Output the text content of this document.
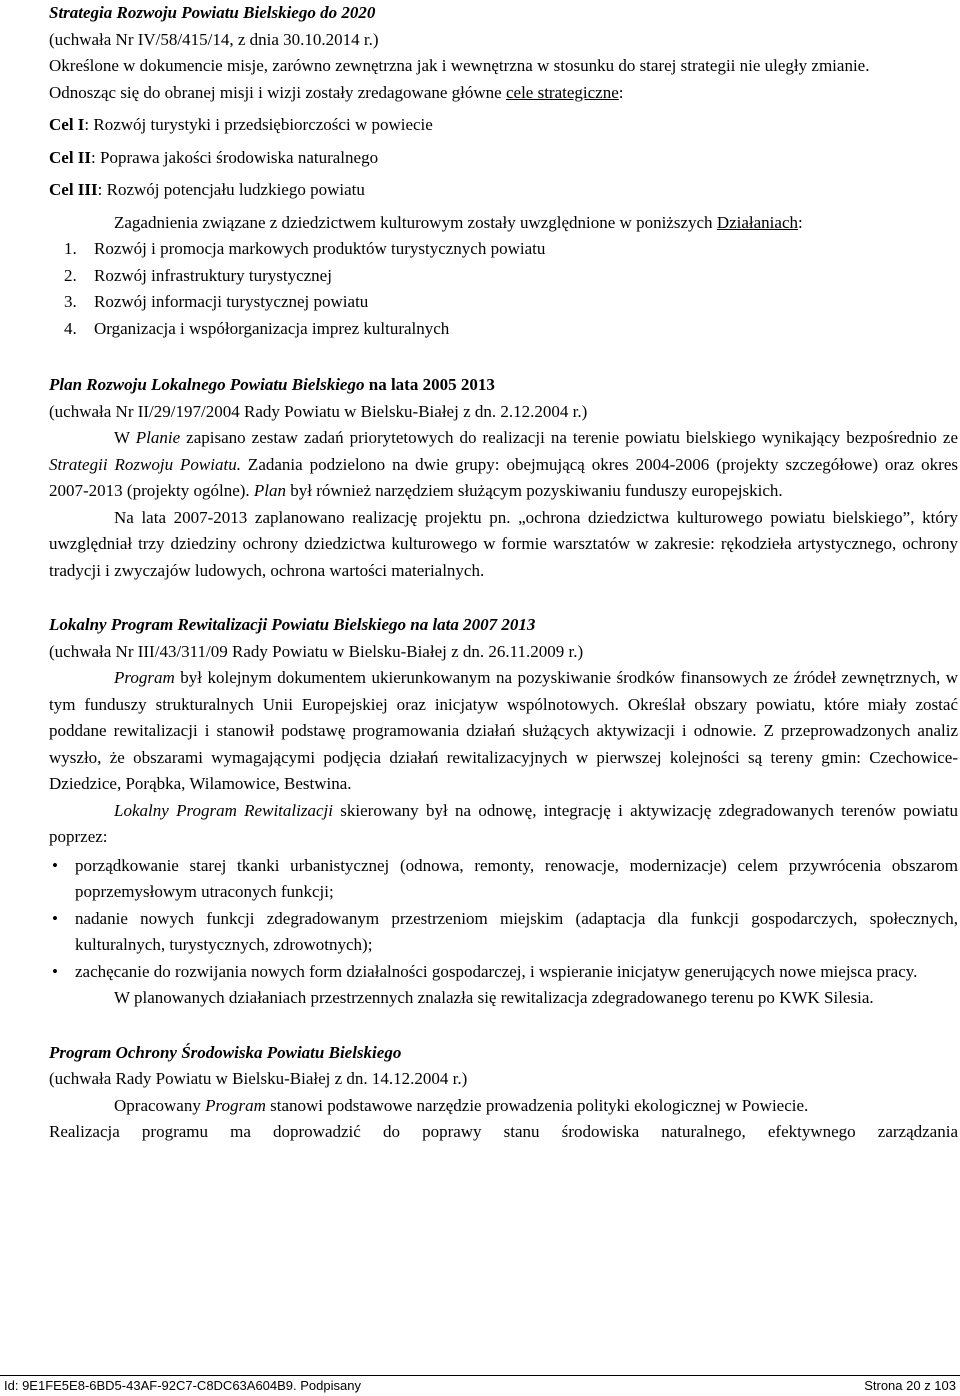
Strategia Rozwoju Powiatu Bielskiego do 2020

(uchwała Nr IV/58/415/14, z dnia 30.10.2014 r.)

Określone w dokumencie misje, zarówno zewnętrzna jak i wewnętrzna w stosunku do starej strategii nie uległy zmianie.

Odnosząc się do obranej misji i wizji zostały zredagowane główne cele strategiczne:

Cel I: Rozwój turystyki i przedsiębiorczości w powiecie

Cel II: Poprawa jakości środowiska naturalnego

Cel III: Rozwój potencjału ludzkiego powiatu

Zagadnienia związane z dziedzictwem kulturowym zostały uwzględnione w poniższych Działaniach:

1.	Rozwój i promocja markowych produktów turystycznych powiatu
2.	Rozwój infrastruktury turystycznej
3.	Rozwój informacji turystycznej powiatu
4.	Organizacja i współorganizacja imprez kulturalnych

Plan Rozwoju Lokalnego Powiatu Bielskiego na lata 2005 2013

(uchwała Nr II/29/197/2004 Rady Powiatu w Bielsku-Białej z dn. 2.12.2004 r.)

W Planie zapisano zestaw zadań priorytetowych do realizacji na terenie powiatu bielskiego wynikający bezpośrednio ze Strategii Rozwoju Powiatu. Zadania podzielono na dwie grupy: obejmującą okres 2004-2006 (projekty szczegółowe) oraz okres 2007-2013 (projekty ogólne). Plan był również narzędziem służącym pozyskiwaniu funduszy europejskich.

Na lata 2007-2013 zaplanowano realizację projektu pn. „ochrona dziedzictwa kulturowego powiatu bielskiego”, który uwzględniał trzy dziedziny ochrony dziedzictwa kulturowego w formie warsztatów w zakresie: rękodzieła artystycznego, ochrony tradycji i zwyczajów ludowych, ochrona wartości materialnych.

Lokalny Program Rewitalizacji Powiatu Bielskiego na lata 2007 2013

(uchwała Nr III/43/311/09 Rady Powiatu w Bielsku-Białej z dn. 26.11.2009 r.)

Program był kolejnym dokumentem ukierunkowanym na pozyskiwanie środków finansowych ze źródeł zewnętrznych, w tym funduszy strukturalnych Unii Europejskiej oraz inicjatyw wspólnotowych. Określał obszary powiatu, które miały zostać poddane rewitalizacji i stanowił podstawę programowania działań służących aktywizacji i odnowie. Z przeprowadzonych analiz wyszło, że obszarami wymagającymi podjęcia działań rewitalizacyjnych w pierwszej kolejności są tereny gmin: Czechowice-Dziedzice, Porąbka, Wilamowice, Bestwina.

Lokalny Program Rewitalizacji skierowany był na odnowę, integrację i aktywizację zdegradowanych terenów powiatu poprzez:

• porządkowanie starej tkanki urbanistycznej (odnowa, remonty, renowacje, modernizacje) celem przywrócenia obszarom poprzemysłowym utraconych funkcji;
• nadanie nowych funkcji zdegradowanym przestrzeniom miejskim (adaptacja dla funkcji gospodarczych, społecznych, kulturalnych, turystycznych, zdrowotnych);
• zachęcanie do rozwijania nowych form działalności gospodarczej, i wspieranie inicjatyw generujących nowe miejsca pracy.

W planowanych działaniach przestrzennych znalazła się rewitalizacja zdegradowanego terenu po KWK Silesia.

Program Ochrony Środowiska Powiatu Bielskiego

(uchwała Rady Powiatu w Bielsku-Białej z dn. 14.12.2004 r.)

Opracowany Program stanowi podstawowe narzędzie prowadzenia polityki ekologicznej w Powiecie.

Realizacja programu ma doprowadzić do poprawy stanu środowiska naturalnego, efektywnego zarządzania

Id: 9E1FE5E8-6BD5-43AF-92C7-C8DC63A604B9. Podpisany	Strona 20 z 103
